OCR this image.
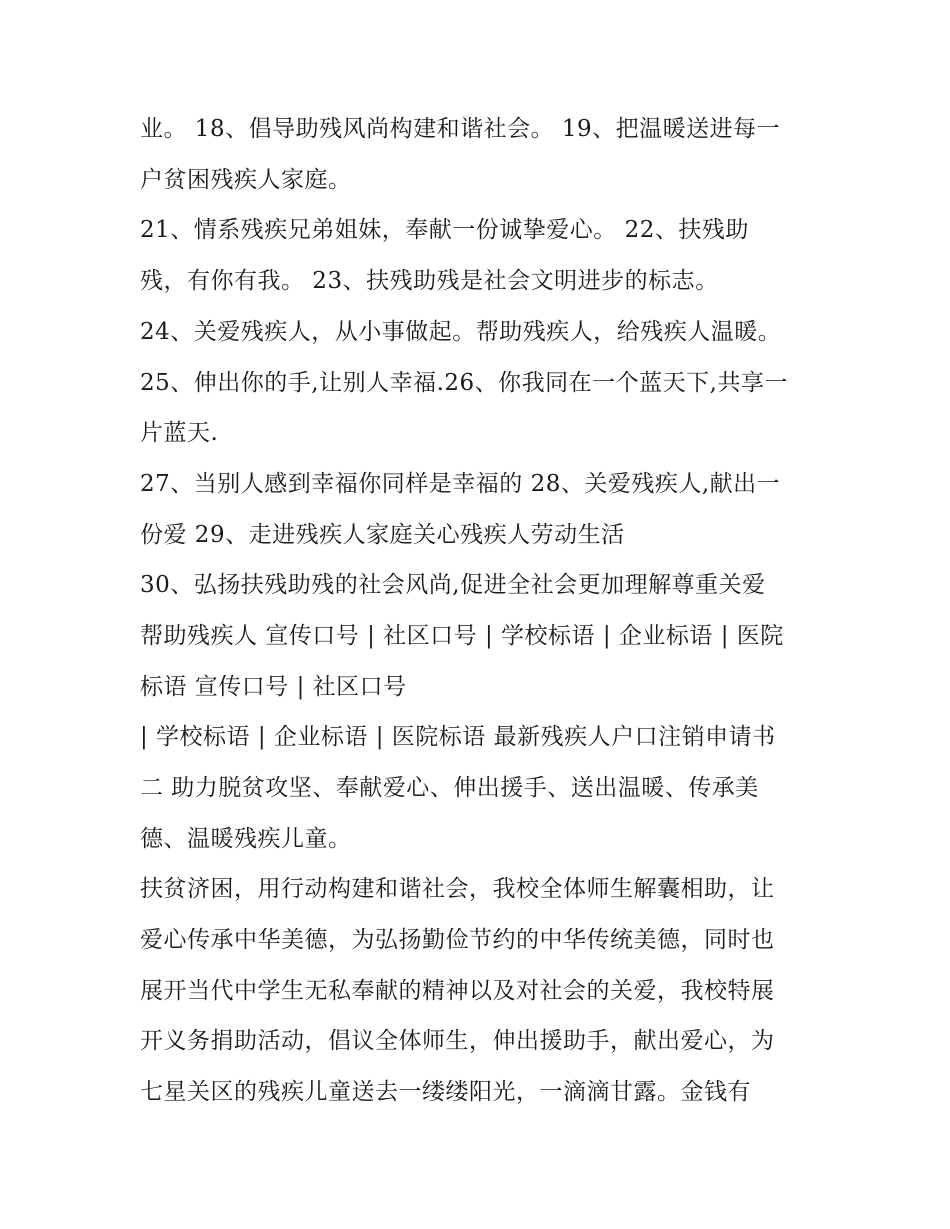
业。 18、倡导助残风尚构建和谐社会。 19、把温暖送进每一
户贫困残疾人家庭。
21、情系残疾兄弟姐妹，奉献一份诚挚爱心。 22、扶残助
残，有你有我。 23、扶残助残是社会文明进步的标志。
24、关爱残疾人，从小事做起。帮助残疾人，给残疾人温暖。
25、伸出你的手,让别人幸福.26、你我同在一个蓝天下,共享一
片蓝天.
27、当别人感到幸福你同样是幸福的 28、关爱残疾人,献出一
份爱 29、走进残疾人家庭关心残疾人劳动生活
30、弘扬扶残助残的社会风尚,促进全社会更加理解尊重关爱
帮助残疾人 宣传口号 | 社区口号 | 学校标语 | 企业标语 | 医院
标语 宣传口号 | 社区口号
| 学校标语 | 企业标语 | 医院标语 最新残疾人户口注销申请书
二 助力脱贫攻坚、奉献爱心、伸出援手、送出温暖、传承美
德、温暖残疾儿童。
扶贫济困，用行动构建和谐社会，我校全体师生解囊相助，让
爱心传承中华美德，为弘扬勤俭节约的中华传统美德，同时也
展开当代中学生无私奉献的精神以及对社会的关爱，我校特展
开义务捐助活动，倡议全体师生，伸出援助手，献出爱心，为
七星关区的残疾儿童送去一缕缕阳光，一滴滴甘露。金钱有
